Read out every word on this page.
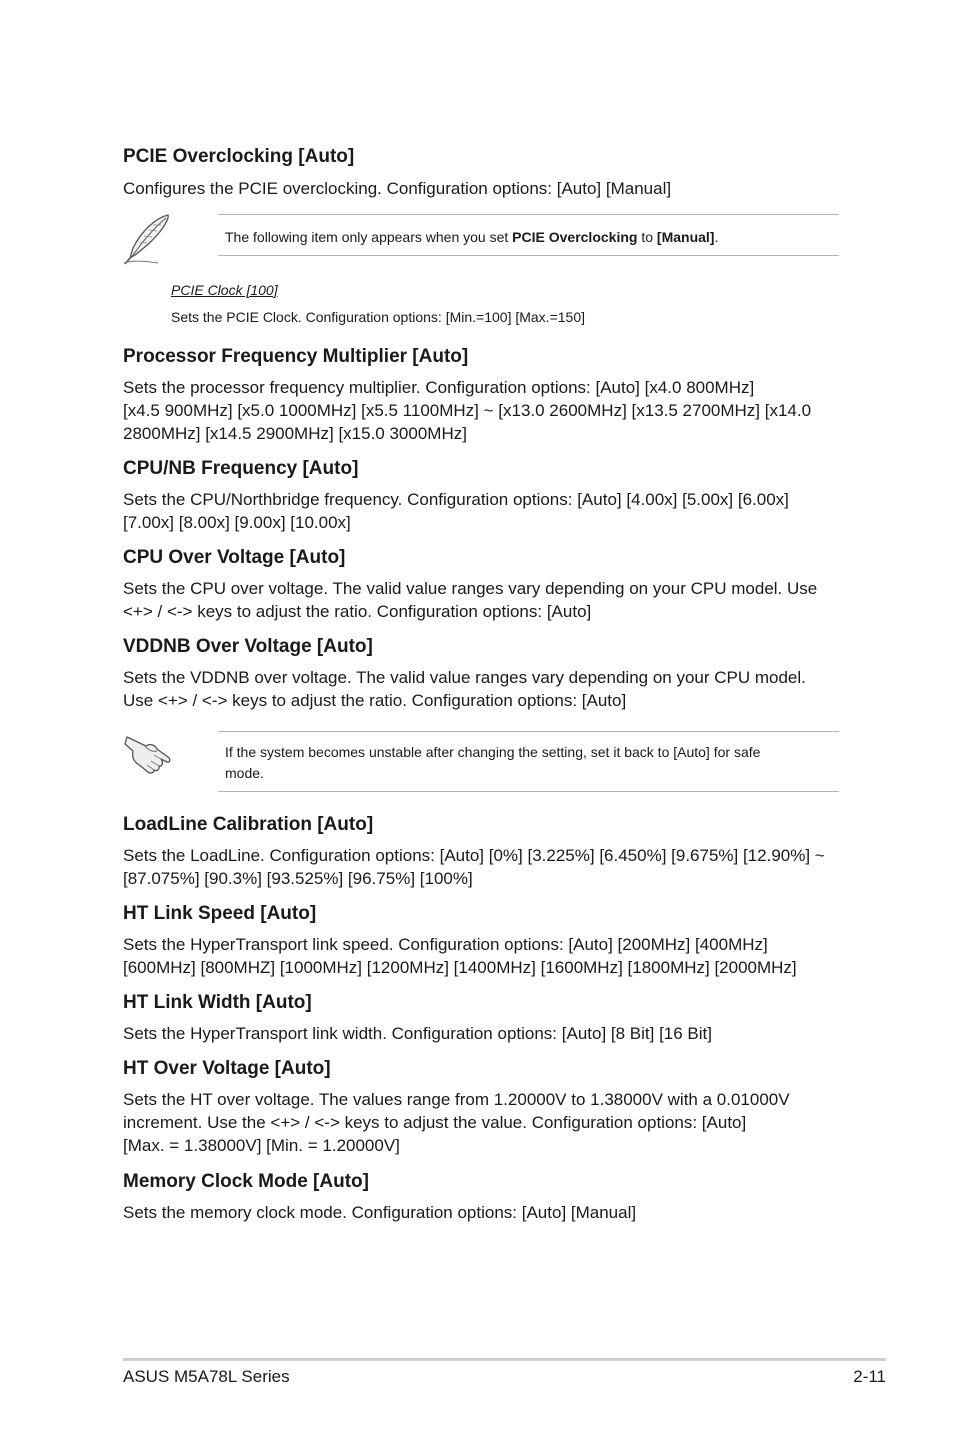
PCIE Overclocking [Auto]
Configures the PCIE overclocking. Configuration options: [Auto] [Manual]
The following item only appears when you set PCIE Overclocking to [Manual].
PCIE Clock [100]
Sets the PCIE Clock. Configuration options: [Min.=100] [Max.=150]
Processor Frequency Multiplier [Auto]
Sets the processor frequency multiplier. Configuration options: [Auto] [x4.0 800MHz]
[x4.5 900MHz] [x5.0 1000MHz] [x5.5 1100MHz] ~ [x13.0 2600MHz] [x13.5 2700MHz] [x14.0
2800MHz] [x14.5 2900MHz] [x15.0 3000MHz]
CPU/NB Frequency [Auto]
Sets the CPU/Northbridge frequency. Configuration options: [Auto] [4.00x] [5.00x] [6.00x]
[7.00x] [8.00x] [9.00x] [10.00x]
CPU Over Voltage [Auto]
Sets the CPU over voltage. The valid value ranges vary depending on your CPU model. Use
<+> / <-> keys to adjust the ratio. Configuration options: [Auto]
VDDNB Over Voltage [Auto]
Sets the VDDNB over voltage. The valid value ranges vary depending on your CPU model.
Use <+> / <-> keys to adjust the ratio. Configuration options: [Auto]
If the system becomes unstable after changing the setting, set it back to [Auto] for safe
mode.
LoadLine Calibration [Auto]
Sets the LoadLine. Configuration options: [Auto] [0%] [3.225%] [6.450%] [9.675%] [12.90%] ~
[87.075%] [90.3%] [93.525%] [96.75%] [100%]
HT Link Speed [Auto]
Sets the HyperTransport link speed. Configuration options: [Auto] [200MHz] [400MHz]
[600MHz] [800MHZ] [1000MHz] [1200MHz] [1400MHz] [1600MHz] [1800MHz] [2000MHz]
HT Link Width [Auto]
Sets the HyperTransport link width. Configuration options: [Auto] [8 Bit] [16 Bit]
HT Over Voltage [Auto]
Sets the HT over voltage. The values range from 1.20000V to 1.38000V with a 0.01000V
increment. Use the <+> / <-> keys to adjust the value. Configuration options: [Auto]
[Max. = 1.38000V] [Min. = 1.20000V]
Memory Clock Mode [Auto]
Sets the memory clock mode. Configuration options: [Auto] [Manual]
ASUS M5A78L Series	2-11
